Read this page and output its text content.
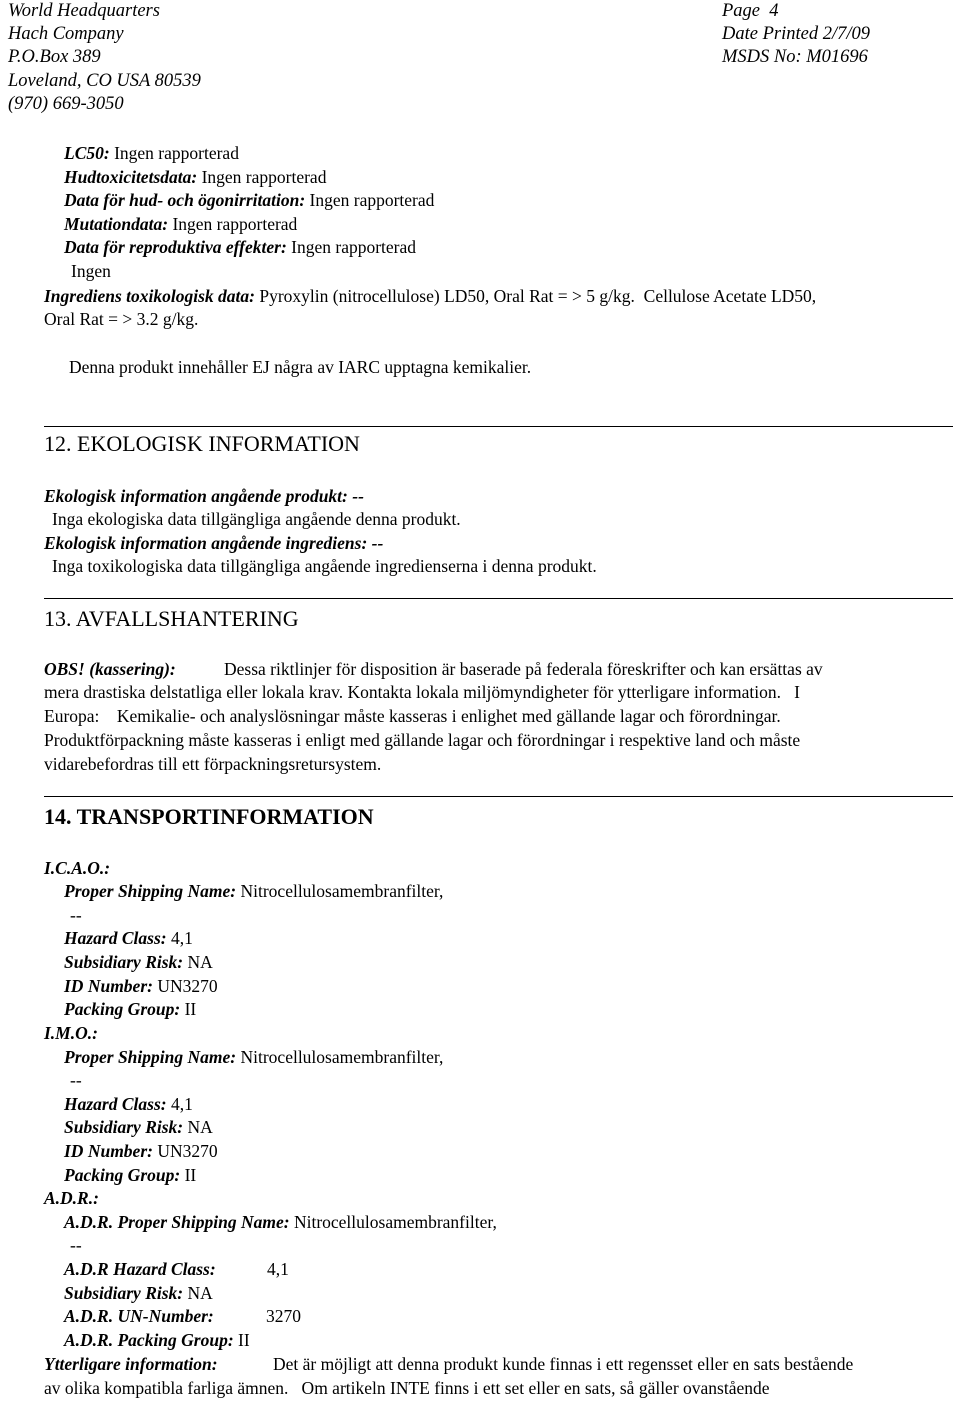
World Headquarters
Hach Company
P.O.Box 389
Loveland, CO USA 80539
(970) 669-3050
Page  4
Date Printed 2/7/09
MSDS No: M01696
LC50: Ingen rapporterad
Hudtoxicitetsdata: Ingen rapporterad
Data för hud- och ögonirritation: Ingen rapporterad
Mutationdata: Ingen rapporterad
Data för reproduktiva effekter: Ingen rapporterad
Ingen
Ingrediens toxikologisk data: Pyroxylin (nitrocellulose) LD50, Oral Rat = > 5 g/kg.  Cellulose Acetate LD50,
Oral Rat = > 3.2 g/kg.
Denna produkt innehåller EJ några av IARC upptagna kemikalier.
12. EKOLOGISK INFORMATION
Ekologisk information angående produkt: --
Inga ekologiska data tillgängliga angående denna produkt.
Ekologisk information angående ingrediens: --
Inga toxikologiska data tillgängliga angående ingredienserna i denna produkt.
13. AVFALLSHANTERING
OBS! (kassering):	Dessa riktlinjer för disposition är baserade på federala föreskrifter och kan ersättas av
mera drastiska delstatliga eller lokala krav. Kontakta lokala miljömyndigheter för ytterligare information.   I
Europa:    Kemikalie- och analyslösningar måste kasseras i enlighet med gällande lagar och förordningar.
Produktförpackning måste kasseras i enligt med gällande lagar och förordningar i respektive land och måste
vidarebefordras till ett förpackningsretursystem.
14. TRANSPORTINFORMATION
I.C.A.O.:
Proper Shipping Name: Nitrocellulosamembranfilter,
--
Hazard Class: 4,1
Subsidiary Risk: NA
ID Number: UN3270
Packing Group: II
I.M.O.:
Proper Shipping Name: Nitrocellulosamembranfilter,
--
Hazard Class: 4,1
Subsidiary Risk: NA
ID Number: UN3270
Packing Group: II
A.D.R.:
A.D.R. Proper Shipping Name: Nitrocellulosamembranfilter,
--
A.D.R Hazard Class:	4,1
Subsidiary Risk: NA
A.D.R. UN-Number:	3270
A.D.R. Packing Group: II
Ytterligare information:	Det är möjligt att denna produkt kunde finnas i ett regensset eller en sats bestående
av olika kompatibla farliga ämnen.   Om artikeln INTE finns i ett set eller en sats, så gäller ovanstående
